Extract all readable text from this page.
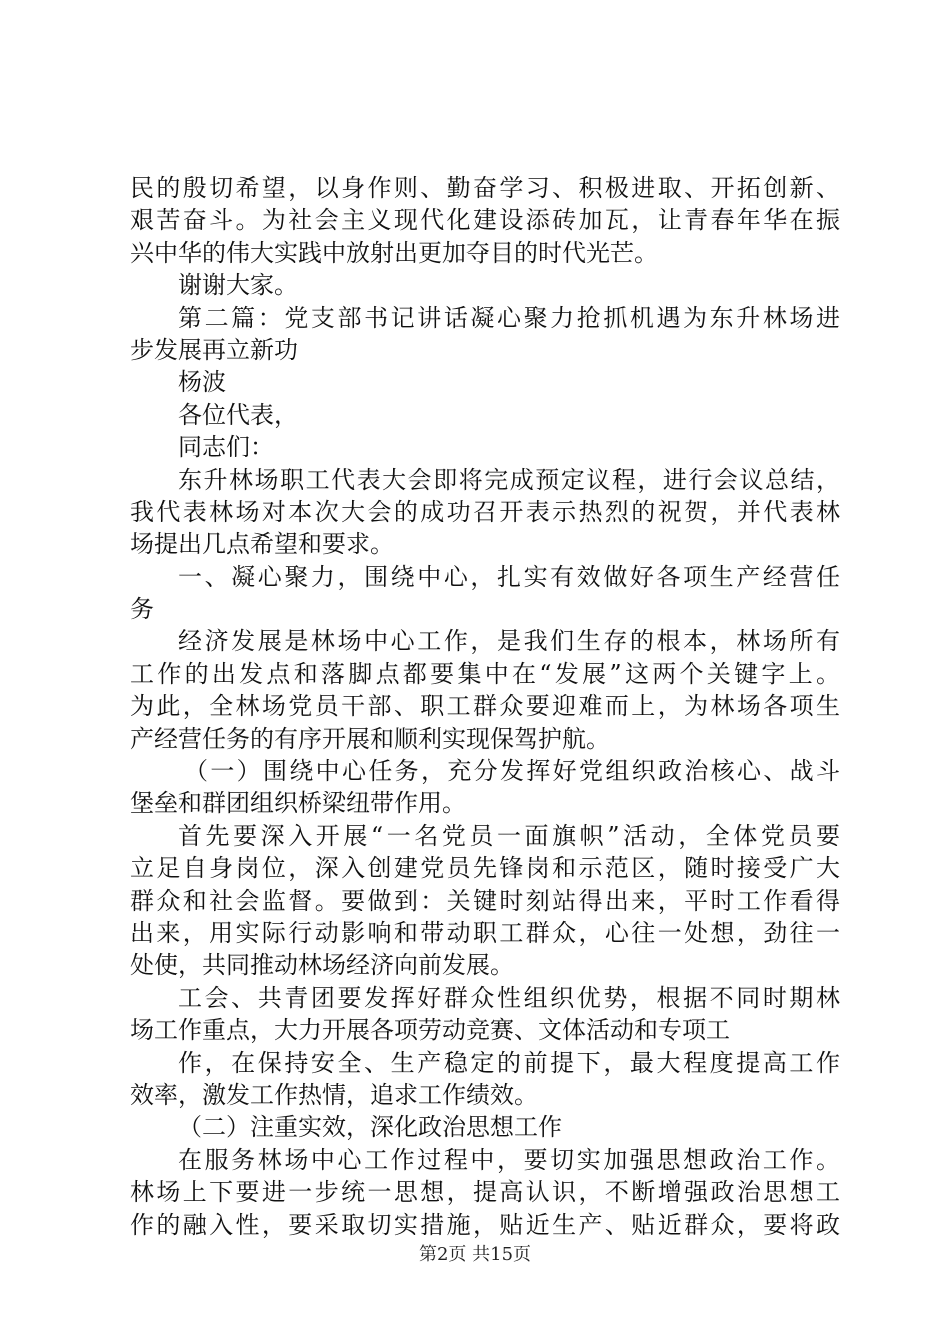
民的殷切希望，以身作则、勤奋学习、积极进取、开拓创新、
艰苦奋斗。为社会主义现代化建设添砖加瓦，让青春年华在振
兴中华的伟大实践中放射出更加夺目的时代光芒。
谢谢大家。
第二篇：党支部书记讲话凝心聚力抢抓机遇为东升林场进
步发展再立新功
杨波
各位代表，
同志们：
东升林场职工代表大会即将完成预定议程，进行会议总结，
我代表林场对本次大会的成功召开表示热烈的祝贺，并代表林
场提出几点希望和要求。
一、凝心聚力，围绕中心，扎实有效做好各项生产经营任
务
经济发展是林场中心工作，是我们生存的根本，林场所有
工作的出发点和落脚点都要集中在“发展”这两个关键字上。
为此，全林场党员干部、职工群众要迎难而上，为林场各项生
产经营任务的有序开展和顺利实现保驾护航。
（一）围绕中心任务，充分发挥好党组织政治核心、战斗
堡垒和群团组织桥梁纽带作用。
首先要深入开展“一名党员一面旗帜”活动，全体党员要
立足自身岗位，深入创建党员先锋岗和示范区，随时接受广大
群众和社会监督。要做到：关键时刻站得出来，平时工作看得
出来，用实际行动影响和带动职工群众，心往一处想，劲往一
处使，共同推动林场经济向前发展。
工会、共青团要发挥好群众性组织优势，根据不同时期林
场工作重点，大力开展各项劳动竞赛、文体活动和专项工
作，在保持安全、生产稳定的前提下，最大程度提高工作
效率，激发工作热情，追求工作绩效。
（二）注重实效，深化政治思想工作
在服务林场中心工作过程中，要切实加强思想政治工作。
林场上下要进一步统一思想，提高认识，不断增强政治思想工
作的融入性，要采取切实措施，贴近生产、贴近群众，要将政
第2页 共15页
